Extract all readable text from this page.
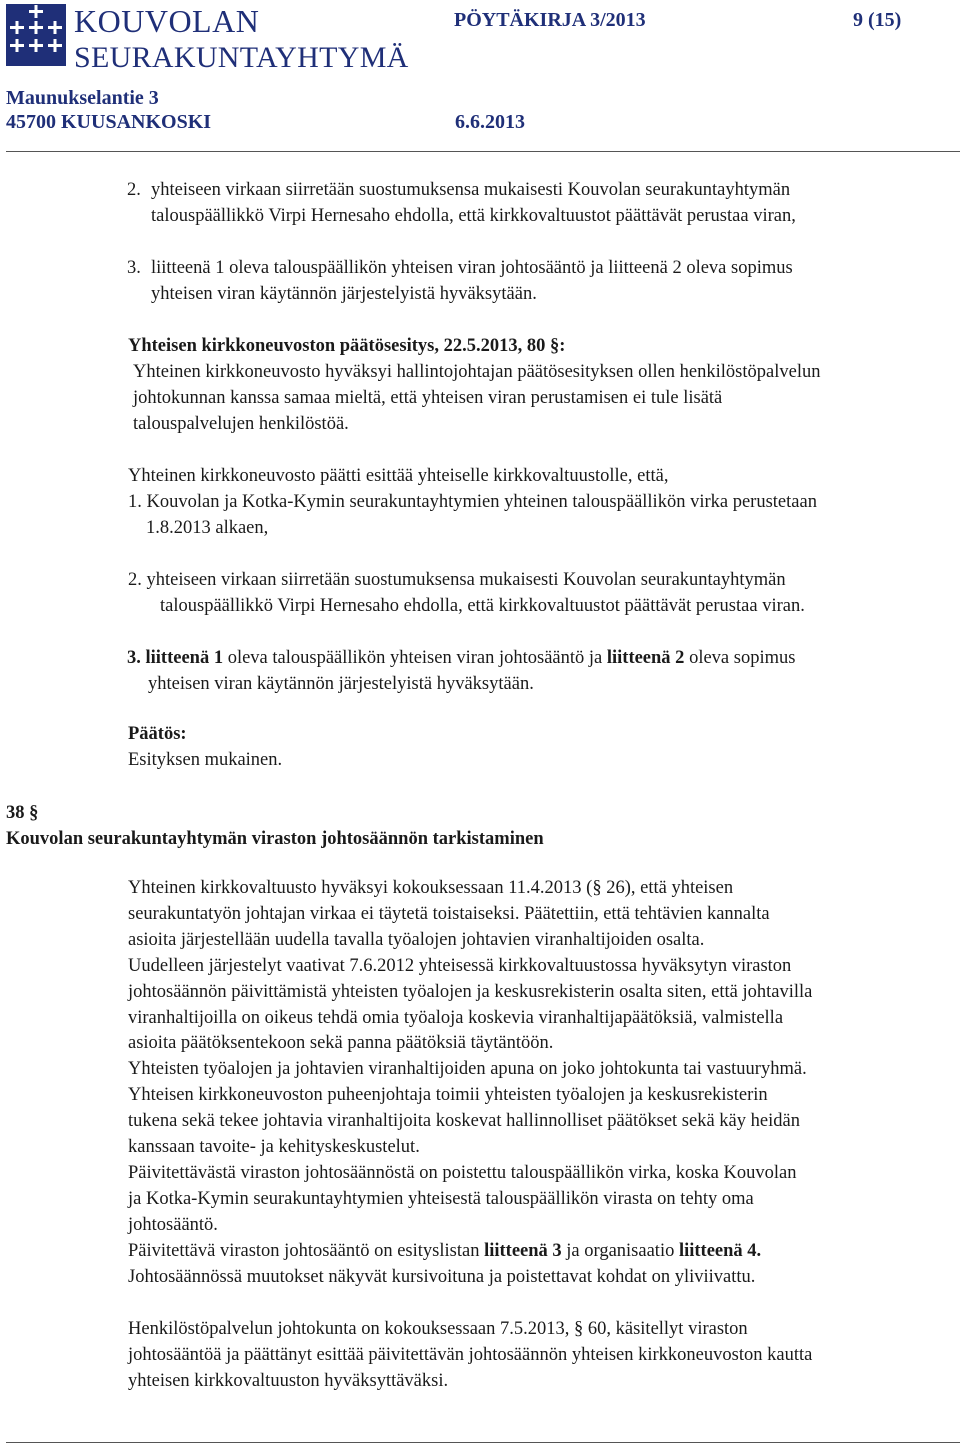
KOUVOLAN
SEURAKUNTAYHTYMÄ
PÖYTÄKIRJA 3/2013	9 (15)
Maunukselantie 3
45700 KUUSANKOSKI	6.6.2013
2. yhteiseen virkaan siirretään suostumuksensa mukaisesti Kouvolan seurakuntayhtymän
talouspäällikkö Virpi Hernesaho ehdolla, että kirkkovaltuustot päättävät perustaa viran,
3. liitteenä 1 oleva talouspäällikön yhteisen viran johtosääntö ja liitteenä 2 oleva sopimus
yhteisen viran käytännön järjestelyistä hyväksytään.
Yhteisen kirkkoneuvoston päätösesitys, 22.5.2013, 80 §:
Yhteinen kirkkoneuvosto hyväksyi hallintojohtajan päätösesityksen ollen henkilöstöpalvelun
johtokunnan kanssa samaa mieltä, että yhteisen viran perustamisen ei tule lisätä
talouspalvelujen henkilöstöä.
Yhteinen kirkkoneuvosto päätti esittää yhteiselle kirkkovaltuustolle, että,
1. Kouvolan ja Kotka-Kymin seurakuntayhtymien yhteinen talouspäällikön virka perustetaan
1.8.2013 alkaen,
2. yhteiseen virkaan siirretään suostumuksensa mukaisesti Kouvolan seurakuntayhtymän
talouspäällikkö Virpi Hernesaho ehdolla, että kirkkovaltuustot päättävät perustaa viran.
3. liitteenä 1 oleva talouspäällikön yhteisen viran johtosääntö ja liitteenä 2 oleva sopimus
yhteisen viran käytännön järjestelyistä hyväksytään.
Päätös:
Esityksen mukainen.
38 §
Kouvolan seurakuntayhtymän viraston johtosäännön tarkistaminen
Yhteinen kirkkovaltuusto hyväksyi kokouksessaan 11.4.2013 (§ 26), että yhteisen
seurakuntatyön johtajan virkaa ei täytetä toistaiseksi. Päätettiin, että tehtävien kannalta
asioita järjestellään uudella tavalla työalojen johtavien viranhaltijoiden osalta.
Uudelleen järjestelyt vaativat 7.6.2012 yhteisessä kirkkovaltuustossa hyväksytyn viraston
johtosäännön päivittämistä yhteisten työalojen ja keskusrekisterin osalta siten, että johtavilla
viranhaltijoilla on oikeus tehdä omia työaloja koskevia viranhaltijapäätöksiä, valmistella
asioita päätöksentekoon sekä panna päätöksiä täytäntöön.
Yhteisten työalojen ja johtavien viranhaltijoiden apuna on joko johtokunta tai vastuuryhmä.
Yhteisen kirkkoneuvoston puheenjohtaja toimii yhteisten työalojen ja keskusrekisterin
tukena sekä tekee johtavia viranhaltijoita koskevat hallinnolliset päätökset sekä käy heidän
kanssaan tavoite- ja kehityskeskustelut.
Päivitettävästä viraston johtosäännöstä on poistettu talouspäällikön virka, koska Kouvolan
ja Kotka-Kymin seurakuntayhtymien yhteisestä talouspäällikön virasta on tehty oma
johtosääntö.
Päivitettävä viraston johtosääntö on esityslistan liitteenä 3 ja organisaatio liitteenä 4.
Johtosäännössä muutokset näkyvät kursivoituna ja poistettavat kohdat on yliviivattu.
Henkilöstöpalvelun johtokunta on kokouksessaan 7.5.2013, § 60, käsitellyt viraston
johtosääntöä ja päättänyt esittää päivitettävän johtosäännön yhteisen kirkkoneuvoston kautta
yhteisen kirkkovaltuuston hyväksyttäväksi.
